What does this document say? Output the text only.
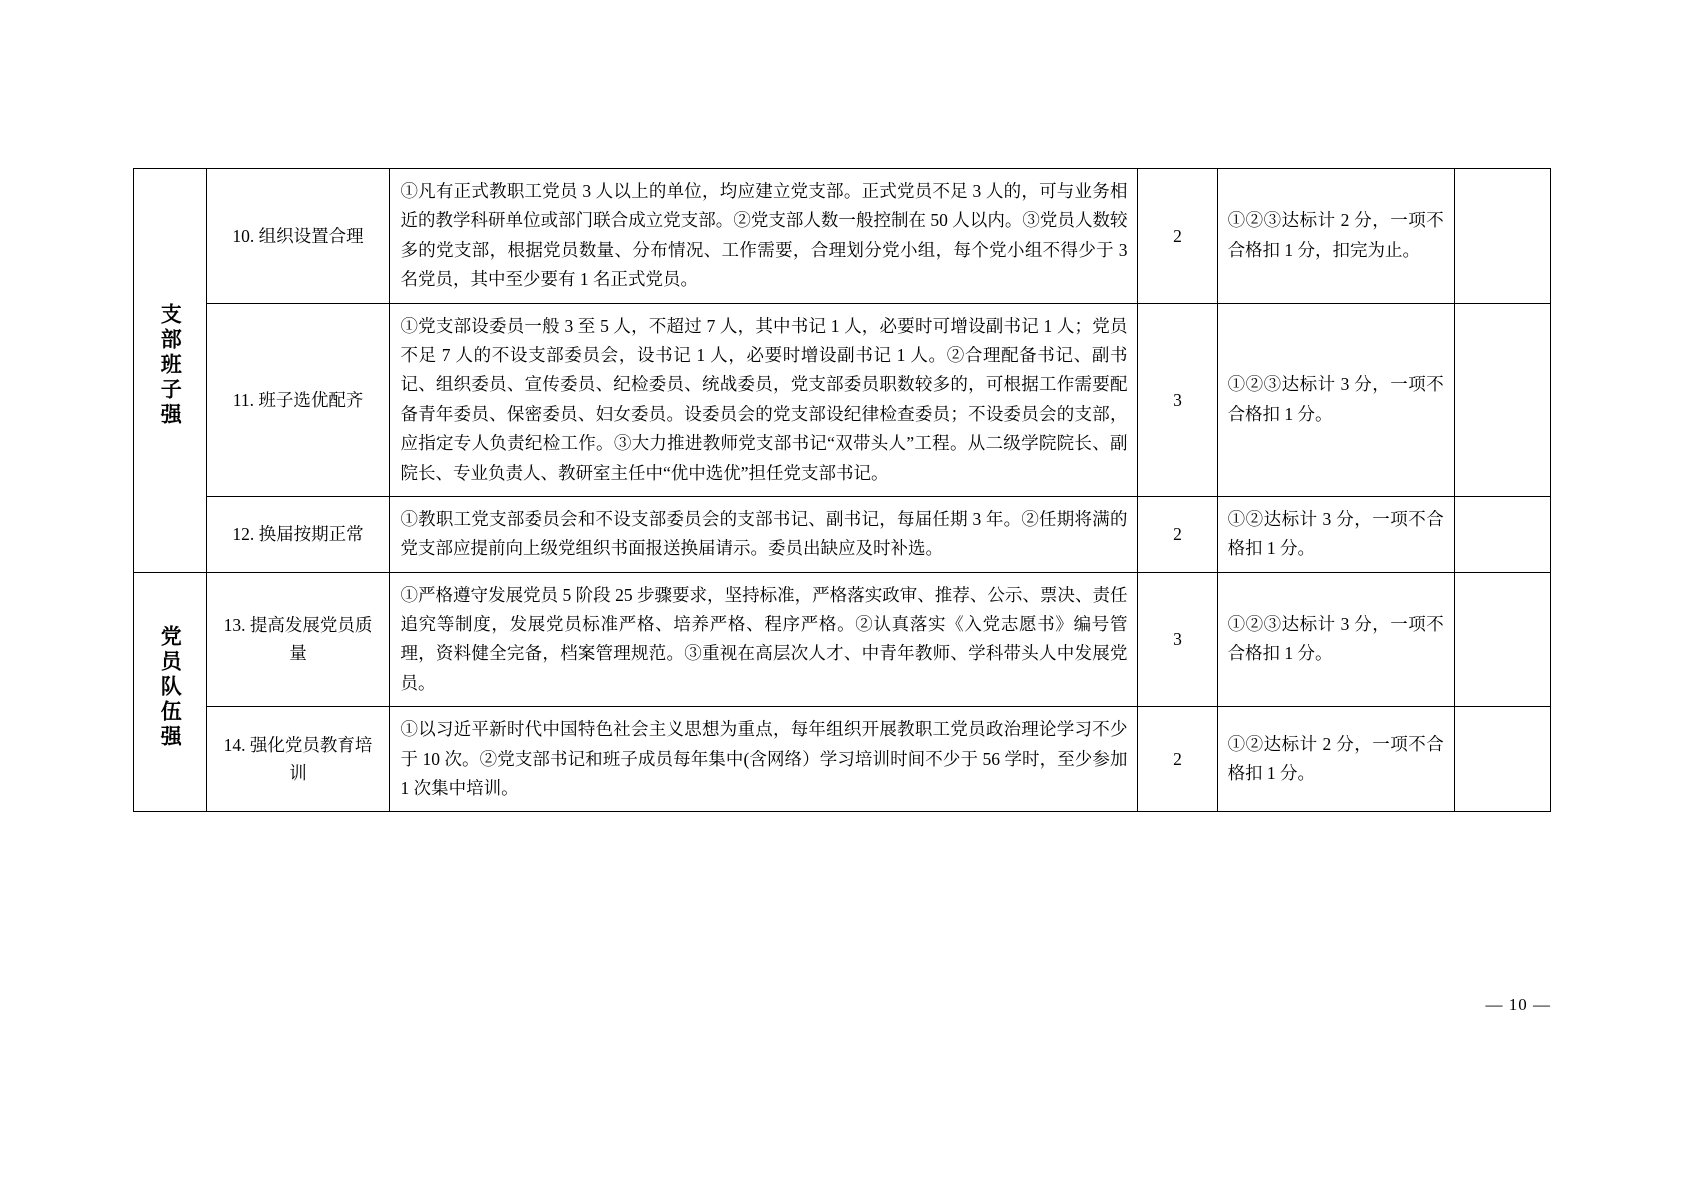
支部班子强	10. 组织设置合理	①凡有正式教职工党员 3 人以上的单位，均应建立党支部。正式党员不足 3 人的，可与业务相近的教学科研单位或部门联合成立党支部。②党支部人数一般控制在 50 人以内。③党员人数较多的党支部，根据党员数量、分布情况、工作需要，合理划分党小组，每个党小组不得少于 3 名党员，其中至少要有 1 名正式党员。	2	①②③达标计 2 分，一项不合格扣 1 分，扣完为止。	
	11. 班子选优配齐	①党支部设委员一般 3 至 5 人，不超过 7 人，其中书记 1 人，必要时可增设副书记 1 人；党员不足 7 人的不设支部委员会，设书记 1 人，必要时增设副书记 1 人。②合理配备书记、副书记、组织委员、宣传委员、纪检委员、统战委员，党支部委员职数较多的，可根据工作需要配备青年委员、保密委员、妇女委员。设委员会的党支部设纪律检查委员；不设委员会的支部，应指定专人负责纪检工作。③大力推进教师党支部书记“双带头人”工程。从二级学院院长、副院长、专业负责人、教研室主任中“优中选优”担任党支部书记。	3	①②③达标计 3 分，一项不合格扣 1 分。	
	12. 换届按期正常	①教职工党支部委员会和不设支部委员会的支部书记、副书记，每届任期 3 年。②任期将满的党支部应提前向上级党组织书面报送换届请示。委员出缺应及时补选。	2	①②达标计 3 分，一项不合格扣 1 分。	
党员队伍强	13. 提高发展党员质量	①严格遵守发展党员 5 阶段 25 步骤要求，坚持标准，严格落实政审、推荐、公示、票决、责任追究等制度，发展党员标准严格、培养严格、程序严格。②认真落实《入党志愿书》编号管理，资料健全完备，档案管理规范。③重视在高层次人才、中青年教师、学科带头人中发展党员。	3	①②③达标计 3 分，一项不合格扣 1 分。	
	14. 强化党员教育培训	①以习近平新时代中国特色社会主义思想为重点，每年组织开展教职工党员政治理论学习不少于 10 次。②党支部书记和班子成员每年集中(含网络）学习培训时间不少于 56 学时，至少参加 1 次集中培训。	2	①②达标计 2 分，一项不合格扣 1 分。	
— 10 —
